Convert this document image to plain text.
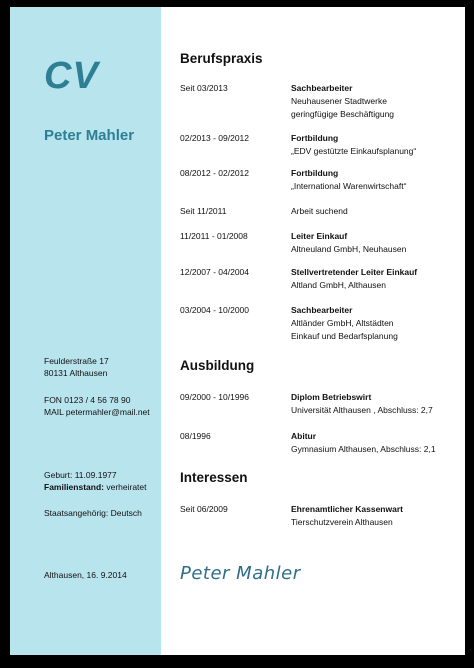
CV
Peter Mahler
Feulderstraße 17
80131 Althausen
FON 0123 / 4 56 78 90
MAIL petermahler@mail.net
Geburt: 11.09.1977
Familienstand: verheiratet
Staatsangehörig: Deutsch
Althausen, 16. 9.2014
Berufspraxis
Seit 03/2013	Sachbearbeiter
Neuhausener Stadtwerke
geringfügige Beschäftigung
02/2013 - 09/2012	Fortbildung
„EDV gestützte Einkaufsplanung“
08/2012 - 02/2012	Fortbildung
„International Warenwirtschaft“
Seit 11/2011	Arbeit suchend
11/2011 - 01/2008	Leiter Einkauf
Altneuland GmbH, Neuhausen
12/2007 - 04/2004	Stellvertretender Leiter Einkauf
Altland GmbH, Althausen
03/2004 - 10/2000	Sachbearbeiter
Altländer GmbH, Altstädten
Einkauf und Bedarfsplanung
Ausbildung
09/2000 - 10/1996	Diplom Betriebswirt
Universität Althausen , Abschluss: 2,7
08/1996	Abitur
Gymnasium Althausen, Abschluss: 2,1
Interessen
Seit 06/2009	Ehrenamtlicher Kassenwart
Tierschutzverein Althausen
Peter Mahler
